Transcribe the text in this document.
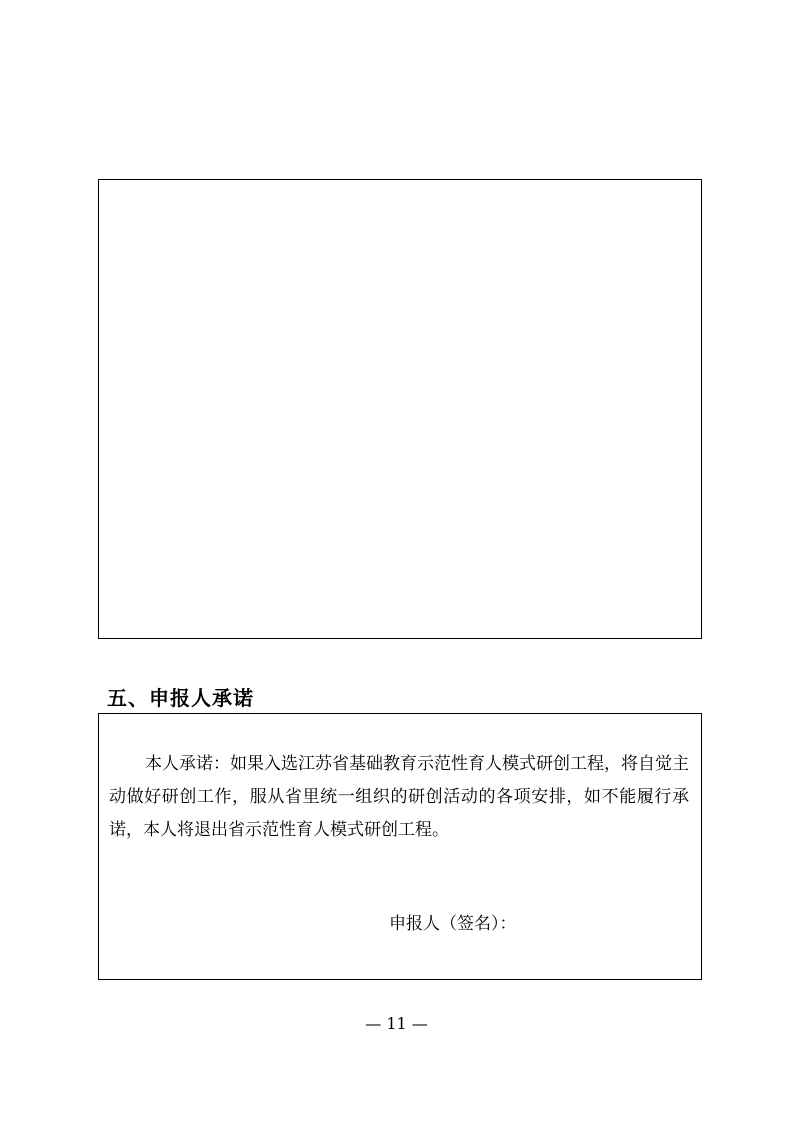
五、申报人承诺

本人承诺：如果入选江苏省基础教育示范性育人模式研创工程，将自觉主动做好研创工作，服从省里统一组织的研创活动的各项安排，如不能履行承诺，本人将退出省示范性育人模式研创工程。

申报人（签名）：
— 11 —
